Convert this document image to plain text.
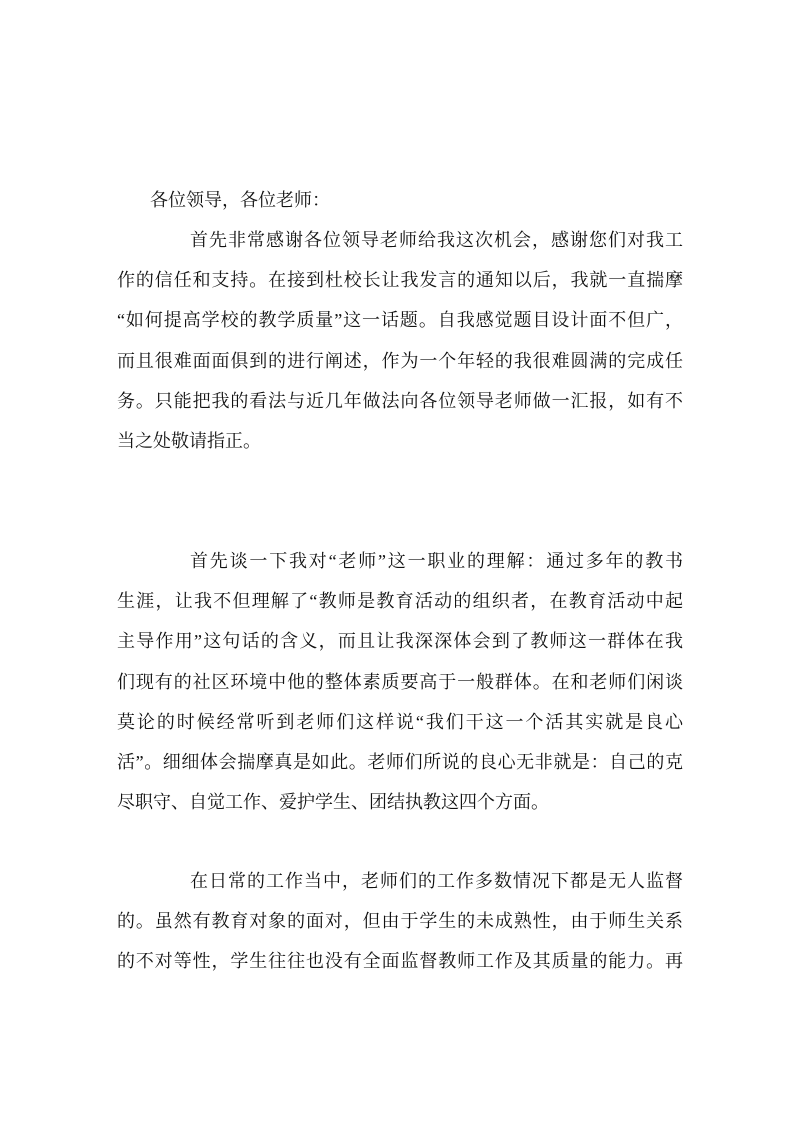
各位领导，各位老师：
首先非常感谢各位领导老师给我这次机会，感谢您们对我工
作的信任和支持。在接到杜校长让我发言的通知以后，我就一直揣摩
“如何提高学校的教学质量”这一话题。自我感觉题目设计面不但广，
而且很难面面俱到的进行阐述，作为一个年轻的我很难圆满的完成任
务。只能把我的看法与近几年做法向各位领导老师做一汇报，如有不
当之处敬请指正。
首先谈一下我对“老师”这一职业的理解：通过多年的教书
生涯，让我不但理解了“教师是教育活动的组织者，在教育活动中起
主导作用”这句话的含义，而且让我深深体会到了教师这一群体在我
们现有的社区环境中他的整体素质要高于一般群体。在和老师们闲谈
莫论的时候经常听到老师们这样说“我们干这一个活其实就是良心
活”。细细体会揣摩真是如此。老师们所说的良心无非就是：自己的克
尽职守、自觉工作、爱护学生、团结执教这四个方面。
在日常的工作当中，老师们的工作多数情况下都是无人监督
的。虽然有教育对象的面对，但由于学生的未成熟性，由于师生关系
的不对等性，学生往往也没有全面监督教师工作及其质量的能力。再
